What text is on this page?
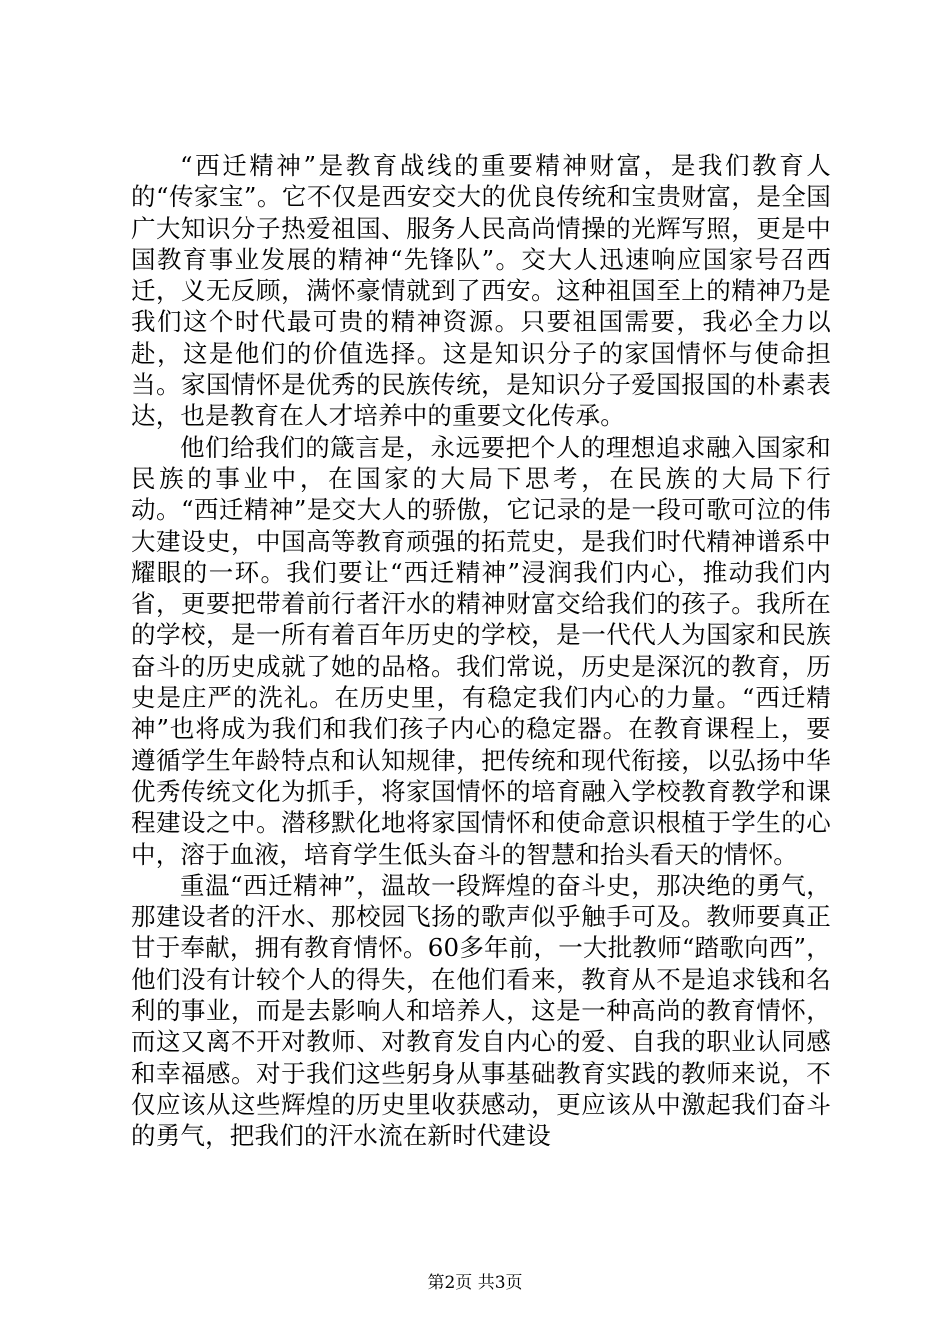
“西迁精神”是教育战线的重要精神财富，是我们教育人的“传家宝”。它不仅是西安交大的优良传统和宝贵财富，是全国广大知识分子热爱祖国、服务人民高尚情操的光辉写照，更是中国教育事业发展的精神“先锋队”。交大人迅速响应国家号召西迁，义无反顾，满怀豪情就到了西安。这种祖国至上的精神乃是我们这个时代最可贵的精神资源。只要祖国需要，我必全力以赴，这是他们的价值选择。这是知识分子的家国情怀与使命担当。家国情怀是优秀的民族传统，是知识分子爱国报国的朴素表达，也是教育在人才培养中的重要文化传承。

他们给我们的箴言是，永远要把个人的理想追求融入国家和民族的事业中，在国家的大局下思考，在民族的大局下行动。“西迁精神”是交大人的骄傲，它记录的是一段可歌可泣的伟大建设史，中国高等教育顽强的拓荒史，是我们时代精神谱系中耀眼的一环。我们要让“西迁精神”浸润我们内心，推动我们内省，更要把带着前行者汗水的精神财富交给我们的孩子。我所在的学校，是一所有着百年历史的学校，是一代代人为国家和民族奋斗的历史成就了她的品格。我们常说，历史是深沉的教育，历史是庄严的洗礼。在历史里，有稳定我们内心的力量。“西迁精神”也将成为我们和我们孩子内心的稳定器。在教育课程上，要遵循学生年龄特点和认知规律，把传统和现代衔接，以弘扬中华优秀传统文化为抓手，将家国情怀的培育融入学校教育教学和课程建设之中。潜移默化地将家国情怀和使命意识根植于学生的心中，溶于血液，培育学生低头奋斗的智慧和抬头看天的情怀。

重温“西迁精神”，温故一段辉煌的奋斗史，那决绝的勇气，那建设者的汗水、那校园飞扬的歌声似乎触手可及。教师要真正甘于奉献，拥有教育情怀。60多年前，一大批教师“踏歌向西”，他们没有计较个人的得失，在他们看来，教育从不是追求钱和名利的事业，而是去影响人和培养人，这是一种高尚的教育情怀，而这又离不开对教师、对教育发自内心的爱、自我的职业认同感和幸福感。对于我们这些躬身从事基础教育实践的教师来说，不仅应该从这些辉煌的历史里收获感动，更应该从中激起我们奋斗的勇气，把我们的汗水流在新时代建设

第2页 共3页
